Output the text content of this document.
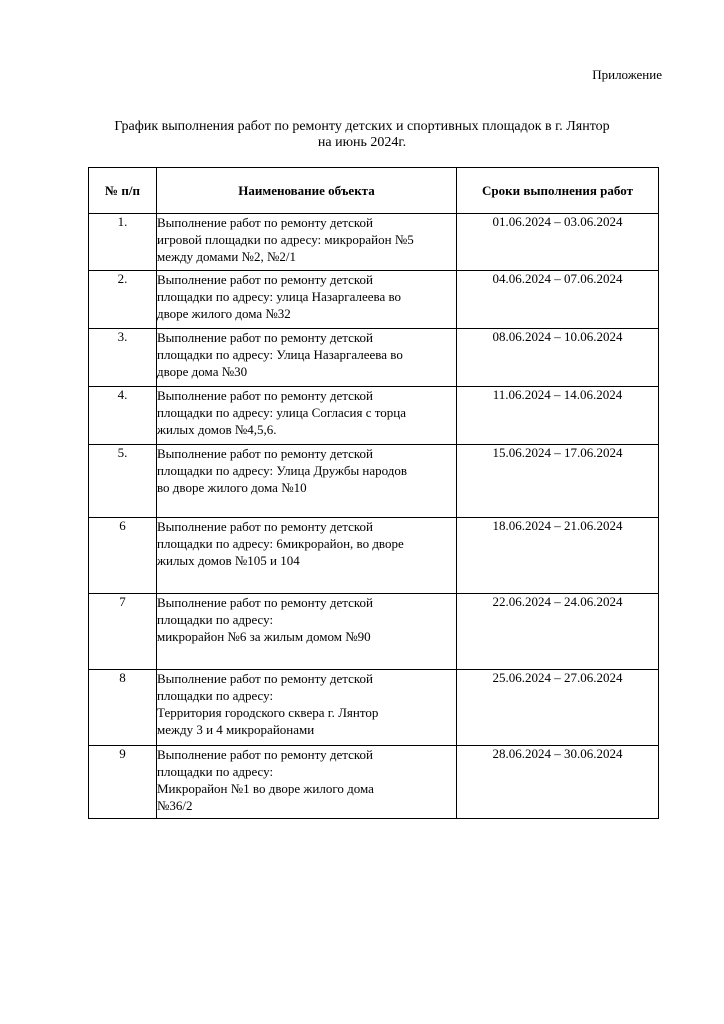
Приложение
График выполнения работ по ремонту детских и спортивных площадок в г. Лянтор
на июнь 2024г.
№ п/п	Наименование объекта	Сроки выполнения работ
1.	Выполнение работ по ремонту детской
игровой площадки по адресу: микрорайон №5
между домами №2, №2/1	01.06.2024 – 03.06.2024
2.	Выполнение работ по ремонту детской
площадки по адресу: улица Назаргалеева во
дворе жилого дома №32	04.06.2024 – 07.06.2024
3.	Выполнение работ по ремонту детской
площадки по адресу: Улица Назаргалеева во
дворе дома №30	08.06.2024 – 10.06.2024
4.	Выполнение работ по ремонту детской
площадки по адресу: улица Согласия с торца
жилых домов №4,5,6.	11.06.2024 – 14.06.2024
5.	Выполнение работ по ремонту детской
площадки по адресу: Улица Дружбы народов
во дворе жилого дома №10	15.06.2024 – 17.06.2024
6	Выполнение работ по ремонту детской
площадки по адресу: 6микрорайон, во дворе
жилых домов №105 и 104	18.06.2024 – 21.06.2024
7	Выполнение работ по ремонту детской
площадки по адресу:
микрорайон №6 за жилым домом №90	22.06.2024 – 24.06.2024
8	Выполнение работ по ремонту детской
площадки по адресу:
Территория городского сквера г. Лянтор
между 3 и 4 микрорайонами	25.06.2024 – 27.06.2024
9	Выполнение работ по ремонту детской
площадки по адресу:
Микрорайон №1 во дворе жилого дома
№36/2	28.06.2024 – 30.06.2024
